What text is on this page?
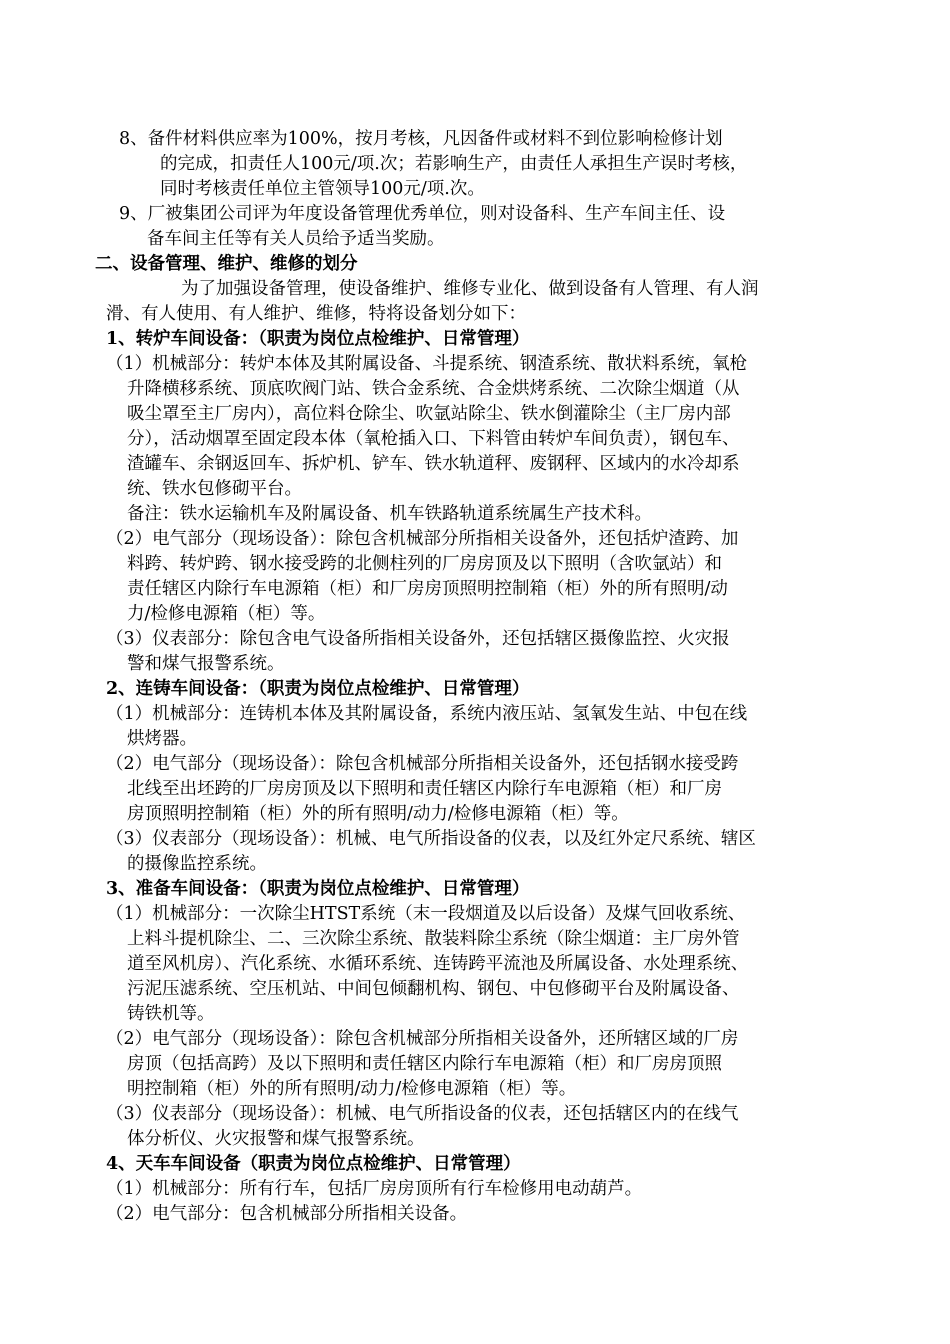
8、备件材料供应率为100%，按月考核，凡因备件或材料不到位影响检修计划
的完成，扣责任人100元/项.次；若影响生产，由责任人承担生产误时考核，
同时考核责任单位主管领导100元/项.次。
9、厂被集团公司评为年度设备管理优秀单位，则对设备科、生产车间主任、设
备车间主任等有关人员给予适当奖励。
二、设备管理、维护、维修的划分
为了加强设备管理，使设备维护、维修专业化、做到设备有人管理、有人润
滑、有人使用、有人维护、维修，特将设备划分如下：
1、转炉车间设备：（职责为岗位点检维护、日常管理）
（1）机械部分：转炉本体及其附属设备、斗提系统、钢渣系统、散状料系统，氧枪
升降横移系统、顶底吹阀门站、铁合金系统、合金烘烤系统、二次除尘烟道（从
吸尘罩至主厂房内），高位料仓除尘、吹氩站除尘、铁水倒灌除尘（主厂房内部
分），活动烟罩至固定段本体（氧枪插入口、下料管由转炉车间负责），钢包车、
渣罐车、余钢返回车、拆炉机、铲车、铁水轨道秤、废钢秤、区域内的水冷却系
统、铁水包修砌平台。
备注：铁水运输机车及附属设备、机车铁路轨道系统属生产技术科。
（2）电气部分（现场设备）：除包含机械部分所指相关设备外，还包括炉渣跨、加
料跨、转炉跨、钢水接受跨的北侧柱列的厂房房顶及以下照明（含吹氩站）和
责任辖区内除行车电源箱（柜）和厂房房顶照明控制箱（柜）外的所有照明/动
力/检修电源箱（柜）等。
（3）仪表部分：除包含电气设备所指相关设备外，还包括辖区摄像监控、火灾报
警和煤气报警系统。
2、连铸车间设备：（职责为岗位点检维护、日常管理）
（1）机械部分：连铸机本体及其附属设备，系统内液压站、氢氧发生站、中包在线
烘烤器。
（2）电气部分（现场设备）：除包含机械部分所指相关设备外，还包括钢水接受跨
北线至出坯跨的厂房房顶及以下照明和责任辖区内除行车电源箱（柜）和厂房
房顶照明控制箱（柜）外的所有照明/动力/检修电源箱（柜）等。
（3）仪表部分（现场设备）：机械、电气所指设备的仪表，以及红外定尺系统、辖区
的摄像监控系统。
3、准备车间设备：（职责为岗位点检维护、日常管理）
（1）机械部分：一次除尘HTST系统（末一段烟道及以后设备）及煤气回收系统、
上料斗提机除尘、二、三次除尘系统、散装料除尘系统（除尘烟道：主厂房外管
道至风机房）、汽化系统、水循环系统、连铸跨平流池及所属设备、水处理系统、
污泥压滤系统、空压机站、中间包倾翻机构、钢包、中包修砌平台及附属设备、
铸铁机等。
（2）电气部分（现场设备）：除包含机械部分所指相关设备外，还所辖区域的厂房
房顶（包括高跨）及以下照明和责任辖区内除行车电源箱（柜）和厂房房顶照
明控制箱（柜）外的所有照明/动力/检修电源箱（柜）等。
（3）仪表部分（现场设备）：机械、电气所指设备的仪表，还包括辖区内的在线气
体分析仪、火灾报警和煤气报警系统。
4、天车车间设备（职责为岗位点检维护、日常管理）
（1）机械部分：所有行车，包括厂房房顶所有行车检修用电动葫芦。
（2）电气部分：包含机械部分所指相关设备。
